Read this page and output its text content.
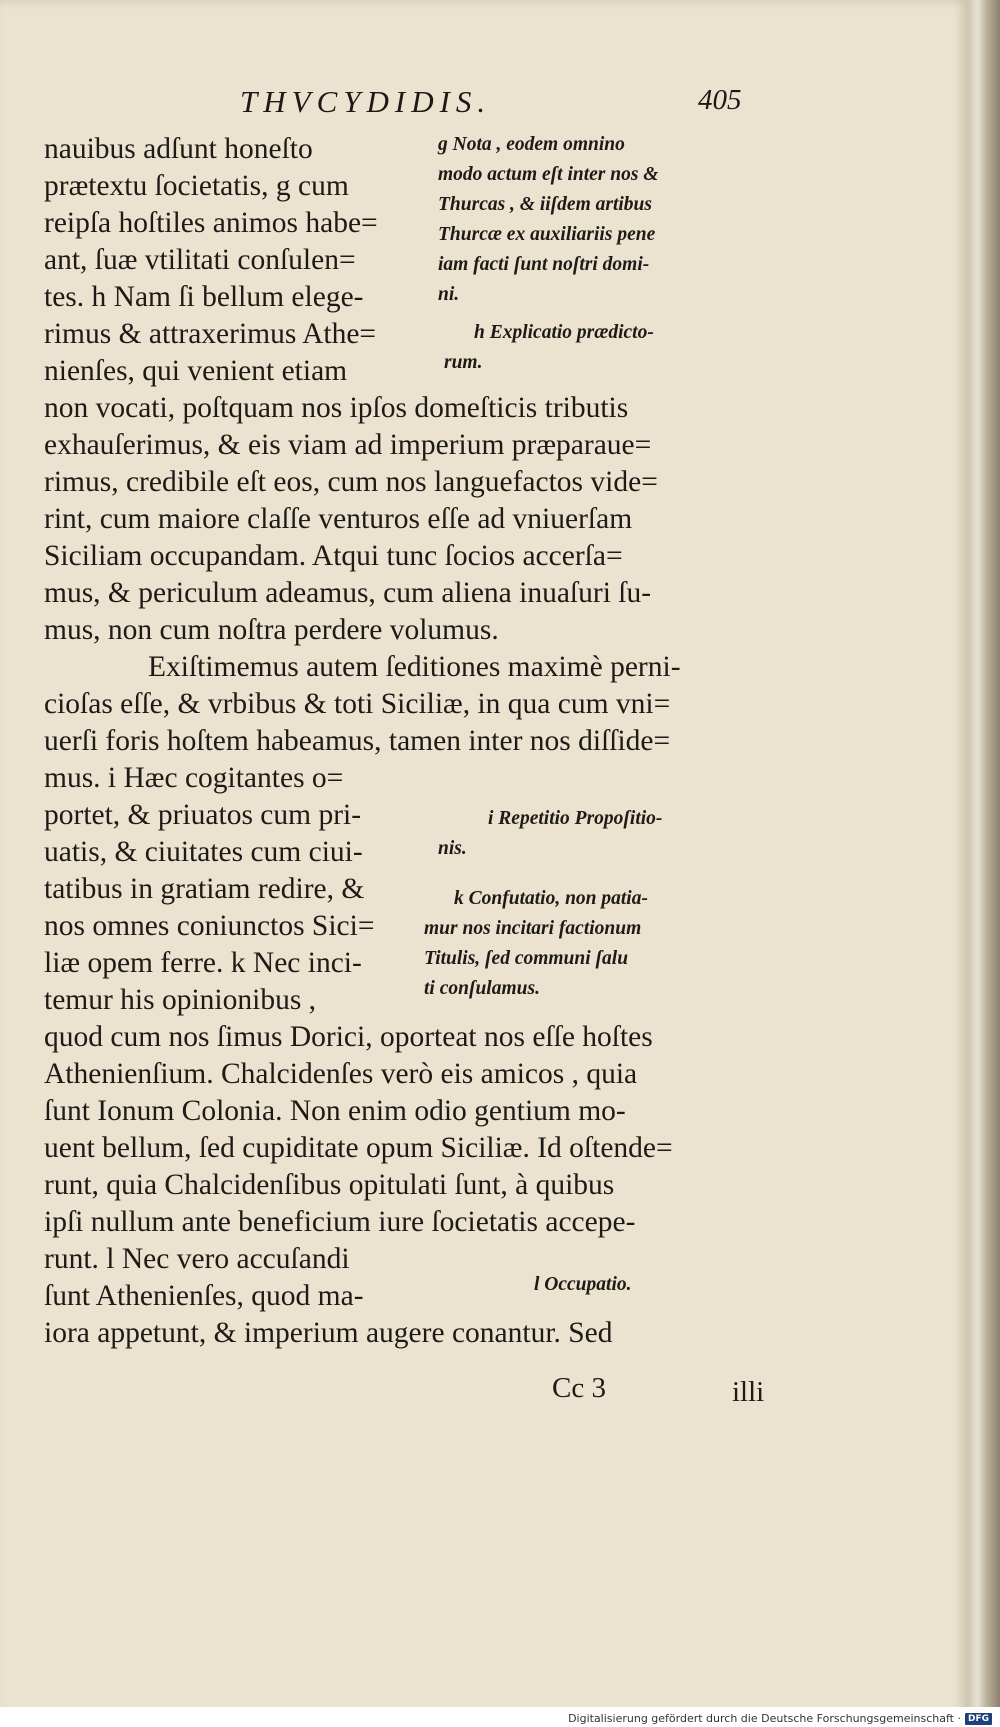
THVCYDIDIS.	405
nauibus adſunt honeſto
prætextu ſocietatis, g cum
reipſa hoſtiles animos habe=
ant, ſuæ vtilitati conſulen=
tes. h Nam ſi bellum elege-
rimus & attraxerimus Athe=
nienſes, qui venient etiam
non vocati, poſtquam nos ipſos domeſticis tributis
exhauſerimus, & eis viam ad imperium præparaue=
rimus, credibile eſt eos, cum nos languefactos vide=
rint, cum maiore claſſe venturos eſſe ad vniuerſam
Siciliam occupandam. Atqui tunc ſocios accerſa=
mus, & periculum adeamus, cum aliena inuaſuri ſu-
mus, non cum noſtra perdere volumus.
Exiſtimemus autem ſeditiones maximè perni-
cioſas eſſe, & vrbibus & toti Siciliæ, in qua cum vni=
uerſi foris hoſtem habeamus, tamen inter nos diſſide=
mus. i Hæc cogitantes o=
portet, & priuatos cum pri-
uatis, & ciuitates cum ciui-
tatibus in gratiam redire, &
nos omnes coniunctos Sici=
liæ opem ferre. k Nec inci-
temur his opinionibus ,
quod cum nos ſimus Dorici, oporteat nos eſſe hoſtes
Athenienſium. Chalcidenſes verò eis amicos , quia
ſunt Ionum Colonia. Non enim odio gentium mo-
uent bellum, ſed cupiditate opum Siciliæ. Id oſtende=
runt, quia Chalcidenſibus opitulati ſunt, à quibus
ipſi nullum ante beneficium iure ſocietatis accepe-
runt. l Nec vero accuſandi
ſunt Athenienſes, quod ma-
iora appetunt, & imperium augere conantur. Sed
g Nota , eodem omnino
modo actum eſt inter nos &
Thurcas , & iiſdem artibus
Thurcæ ex auxiliariis pene
iam facti ſunt noſtri domi-
ni.
h Explicatio prædicto-
rum.
i Repetitio Propoſitio-
nis.
k Confutatio, non patia-
mur nos incitari factionum
Titulis, ſed communi ſalu
ti conſulamus.
l Occupatio.
Cc 3	illi
Digitalisierung gefördert durch die Deutsche Forschungsgemeinschaft · DFG
